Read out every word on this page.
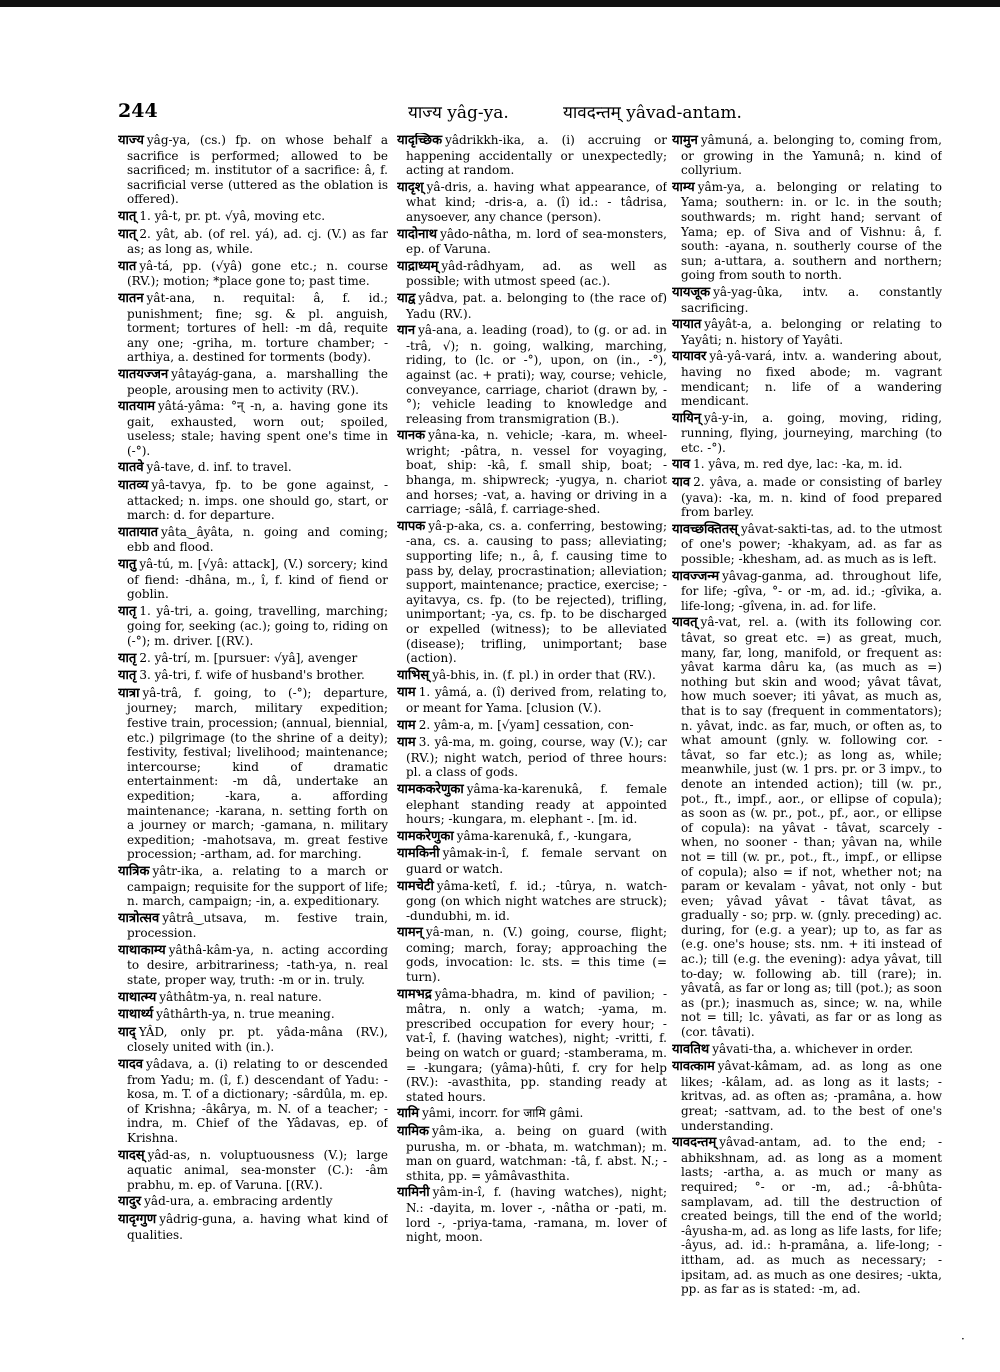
244	याज्य yâg-ya.	यावदन्तम् yâvad-antam.

याज्य yâg-ya, (cs.) fp. on whose behalf a sacrifice is performed; allowed to be sacrificed; m. institutor of a sacrifice: â, f. sacrificial verse (uttered as the oblation is offered).

यात् 1. yâ-t, pr. pt. √yâ, moving etc.

यात् 2. yât, ab. (of rel. yá), ad. cj. (V.) as far as; as long as, while.

यात yâ-tá, pp. (√yâ) gone etc.; n. course (RV.); motion; *place gone to; past time.

यातन yât-ana, n. requital: â, f. id.; punishment; fine; sg. & pl. anguish, torment; tortures of hell: -m dâ, requite any one; -griha, m. torture chamber; -arthiya, a. destined for torments (body).

यातयज्जन yâtayág-gana, a. marshalling the people, arousing men to activity (RV.).

यातयाम yâtá-yâma: °न् -n, a. having gone its gait, exhausted, worn out; spoiled, useless; stale; having spent one's time in (-°).

यातवे yâ-tave, d. inf. to travel.

यातव्य yâ-tavya, fp. to be gone against, - attacked; n. imps. one should go, start, or march: d. for departure.

यातायात yâta‿âyâta, n. going and coming; ebb and flood.

यातु yâ-tú, m. [√yâ: attack], (V.) sorcery; kind of fiend: -dhâna, m., î, f. kind of fiend or goblin.

यातृ 1. yâ-tri, a. going, travelling, marching; going for, seeking (ac.); going to, riding on (-°); m. driver. [(RV.).

यातृ 2. yâ-trí, m. [pursuer: √yâ], avenger

यातृ 3. yâ-tri, f. wife of husband's brother.

यात्रा yâ-trâ, f. going, to (-°); departure, journey; march, military expedition; festive train, procession; (annual, biennial, etc.) pilgrimage (to the shrine of a deity); festivity, festival; livelihood; maintenance; intercourse; kind of dramatic entertainment: -m dâ, undertake an expedition; -kara, a. affording maintenance; -karana, n. setting forth on a journey or march; -gamana, n. military expedition; -mahotsava, m. great festive procession; -artham, ad. for marching.

यात्रिक yâtr-ika, a. relating to a march or campaign; requisite for the support of life; n. march, campaign; -in, a. expeditionary.

यात्रोत्सव yâtrâ‿utsava, m. festive train, procession.

याथाकाम्य yâthâ-kâm-ya, n. acting according to desire, arbitrariness; -tath-ya, n. real state, proper way, truth: -m or in. truly.

याथात्म्य yâthâtm-ya, n. real nature.

याथार्थ्य yâthârth-ya, n. true meaning.

याद् YÂD, only pr. pt. yâda-mâna (RV.), closely united with (in.).

यादव yâdava, a. (i) relating to or descended from Yadu; m. (î, f.) descendant of Yadu: -kosa, m. T. of a dictionary; -sârdûla, m. ep. of Krishna; -âkârya, m. N. of a teacher; -indra, m. Chief of the Yâdavas, ep. of Krishna.

यादस् yâd-as, n. voluptuousness (V.); large aquatic animal, sea-monster (C.): -âm prabhu, m. ep. of Varuna. [(RV.).

यादुर yâd-ura, a. embracing ardently

यादृग्गुण yâdrig-guna, a. having what kind of qualities.

यादृच्छिक yâdrikkh-ika, a. (i) accruing or happening accidentally or unexpectedly; acting at random.

यादृश् yâ-dris, a. having what appearance, of what kind; -dris-a, a. (î) id.: - tâdrisa, anysoever, any chance (person).

यादोनाथ yâdo-nâtha, m. lord of sea-monsters, ep. of Varuna.

याद्राध्यम् yâd-râdhyam, ad. as well as possible; with utmost speed (ac.).

याद्व yâdva, pat. a. belonging to (the race of) Yadu (RV.).

यान yâ-ana, a. leading (road), to (g. or ad. in -trâ, √); n. going, walking, marching, riding, to (lc. or -°), upon, on (in., -°), against (ac. + prati); way, course; vehicle, conveyance, carriage, chariot (drawn by, -°); vehicle leading to knowledge and releasing from transmigration (B.).

यानक yâna-ka, n. vehicle; -kara, m. wheel-wright; -pâtra, n. vessel for voyaging, boat, ship: -kâ, f. small ship, boat; -bhanga, m. shipwreck; -yugya, n. chariot and horses; -vat, a. having or driving in a carriage; -sâlâ, f. carriage-shed.

यापक yâ-p-aka, cs. a. conferring, bestowing; -ana, cs. a. causing to pass; alleviating; supporting life; n., â, f. causing time to pass by, delay, procrastination; alleviation; support, maintenance; practice, exercise; -ayitavya, cs. fp. (to be rejected), trifling, unimportant; -ya, cs. fp. to be discharged or expelled (witness); to be alleviated (disease); trifling, unimportant; base (action).

याभिस् yâ-bhis, in. (f. pl.) in order that (RV.).

याम 1. yâmá, a. (î) derived from, relating to, or meant for Yama. [clusion (V.).

याम 2. yâm-a, m. [√yam] cessation, con-

याम 3. yâ-ma, m. going, course, way (V.); car (RV.); night watch, period of three hours: pl. a class of gods.

यामककरेणुका yâma-ka-karenukâ, f. female elephant standing ready at appointed hours; -kungara, m. elephant -. [m. id.

यामकरेणुका yâma-karenukâ, f., -kungara,

यामकिनी yâmak-in-î, f. female servant on guard or watch.

यामचेटी yâma-ketî, f. id.; -tûrya, n. watch-gong (on which night watches are struck); -dundubhi, m. id.

यामन् yâ-man, n. (V.) going, course, flight; coming; march, foray; approaching the gods, invocation: lc. sts. = this time (= turn).

यामभद्र yâma-bhadra, m. kind of pavilion; -mâtra, n. only a watch; -yama, m. prescribed occupation for every hour; -vat-î, f. (having watches), night; -vritti, f. being on watch or guard; -stamberama, m. = -kungara; (yâma)-hûti, f. cry for help (RV.): -avasthita, pp. standing ready at stated hours.

यामि yâmi, incorr. for जामि gâmi.

यामिक yâm-ika, a. being on guard (with purusha, m. or -bhata, m. watchman); m. man on guard, watchman: -tâ, f. abst. N.; -sthita, pp. = yâmâvasthita.

यामिनी yâm-in-î, f. (having watches), night; N.: -dayita, m. lover -, -nâtha or -pati, m. lord -, -priya-tama, -ramana, m. lover of night, moon.

यामुन yâmuná, a. belonging to, coming from, or growing in the Yamunâ; n. kind of collyrium.

याम्य yâm-ya, a. belonging or relating to Yama; southern: in. or lc. in the south; southwards; m. right hand; servant of Yama; ep. of Siva and of Vishnu: â, f. south: -ayana, n. southerly course of the sun; a-uttara, a. southern and northern; going from south to north.

यायजूक yâ-yag-ûka, intv. a. constantly sacrificing.

यायात yâyât-a, a. belonging or relating to Yayâti; n. history of Yayâti.

यायावर yâ-yâ-vará, intv. a. wandering about, having no fixed abode; m. vagrant mendicant; n. life of a wandering mendicant.

यायिन् yâ-y-in, a. going, moving, riding, running, flying, journeying, marching (to etc. -°).

याव 1. yâva, m. red dye, lac: -ka, m. id.

याव 2. yâva, a. made or consisting of barley (yava): -ka, m. n. kind of food prepared from barley.

यावच्छक्तितस् yâvat-sakti-tas, ad. to the utmost of one's power; -khakyam, ad. as far as possible; -khesham, ad. as much as is left.

यावज्जन्म yâvag-ganma, ad. throughout life, for life; -gîva, °- or -m, ad. id.; -gîvika, a. life-long; -gîvena, in. ad. for life.

यावत् yâ-vat, rel. a. (with its following cor. tâvat, so great etc. =) as great, much, many, far, long, manifold, or frequent as: yâvat karma dâru ka, (as much as =) nothing but skin and wood; yâvat tâvat, how much soever; iti yâvat, as much as, that is to say (frequent in commentators); n. yâvat, indc. as far, much, or often as, to what amount (gnly. w. following cor. -tâvat, so far etc.); as long as, while; meanwhile, just (w. 1 prs. pr. or 3 impv., to denote an intended action); till (w. pr., pot., ft., impf., aor., or ellipse of copula); as soon as (w. pr., pot., pf., aor., or ellipse of copula): na yâvat - tâvat, scarcely - when, no sooner - than; yâvan na, while not = till (w. pr., pot., ft., impf., or ellipse of copula); also = if not, whether not; na param or kevalam - yâvat, not only - but even; yâvad yâvat - tâvat tâvat, as gradually - so; prp. w. (gnly. preceding) ac. during, for (e.g. a year); up to, as far as (e.g. one's house; sts. nm. + iti instead of ac.); till (e.g. the evening): adya yâvat, till to-day; w. following ab. till (rare); in. yâvatâ, as far or long as; till (pot.); as soon as (pr.); inasmuch as, since; w. na, while not = till; lc. yâvati, as far or as long as (cor. tâvati).

यावतिथ yâvati-tha, a. whichever in order.

यावत्काम yâvat-kâmam, ad. as long as one likes; -kâlam, ad. as long as it lasts; -kritvas, ad. as often as; -pramâna, a. how great; -sattvam, ad. to the best of one's understanding.

यावदन्तम् yâvad-antam, ad. to the end; -abhikshnam, ad. as long as a moment lasts; -artha, a. as much or many as required; °- or -m, ad.; -â-bhûta-samplavam, ad. till the destruction of created beings, till the end of the world; -âyusha-m, ad. as long as life lasts, for life; -âyus, ad. id.: h-pramâna, a. life-long; -ittham, ad. as much as necessary; -ipsitam, ad. as much as one desires; -ukta, pp. as far as is stated: -m, ad.

·
